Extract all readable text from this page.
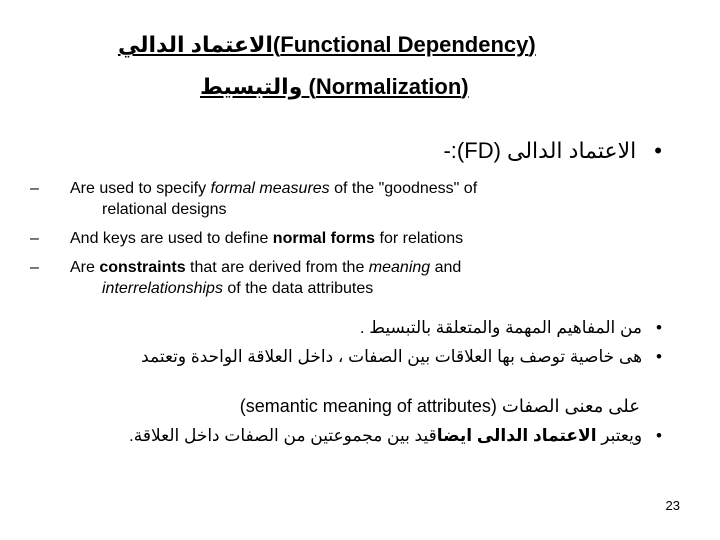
(Functional Dependency)الاعتماد الدالي
(Normalization) والتبسيط
•الاعتماد الدالى (FD):-
– Are used to specify formal measures of the "goodness" of
relational designs
– And keys are used to define normal forms for relations
– Are constraints that are derived from the meaning and
interrelationships of the data attributes
•من المفاهيم المهمة والمتعلقة بالتبسيط .
•هى خاصية توصف بها العلاقات بين الصفات ، داخل العلاقة الواحدة وتعتمد
على معنى الصفات (semantic meaning of attributes)
•ويعتبر الاعتماد الدالى ايضاقيد بين مجموعتين من الصفات داخل العلاقة.
23
